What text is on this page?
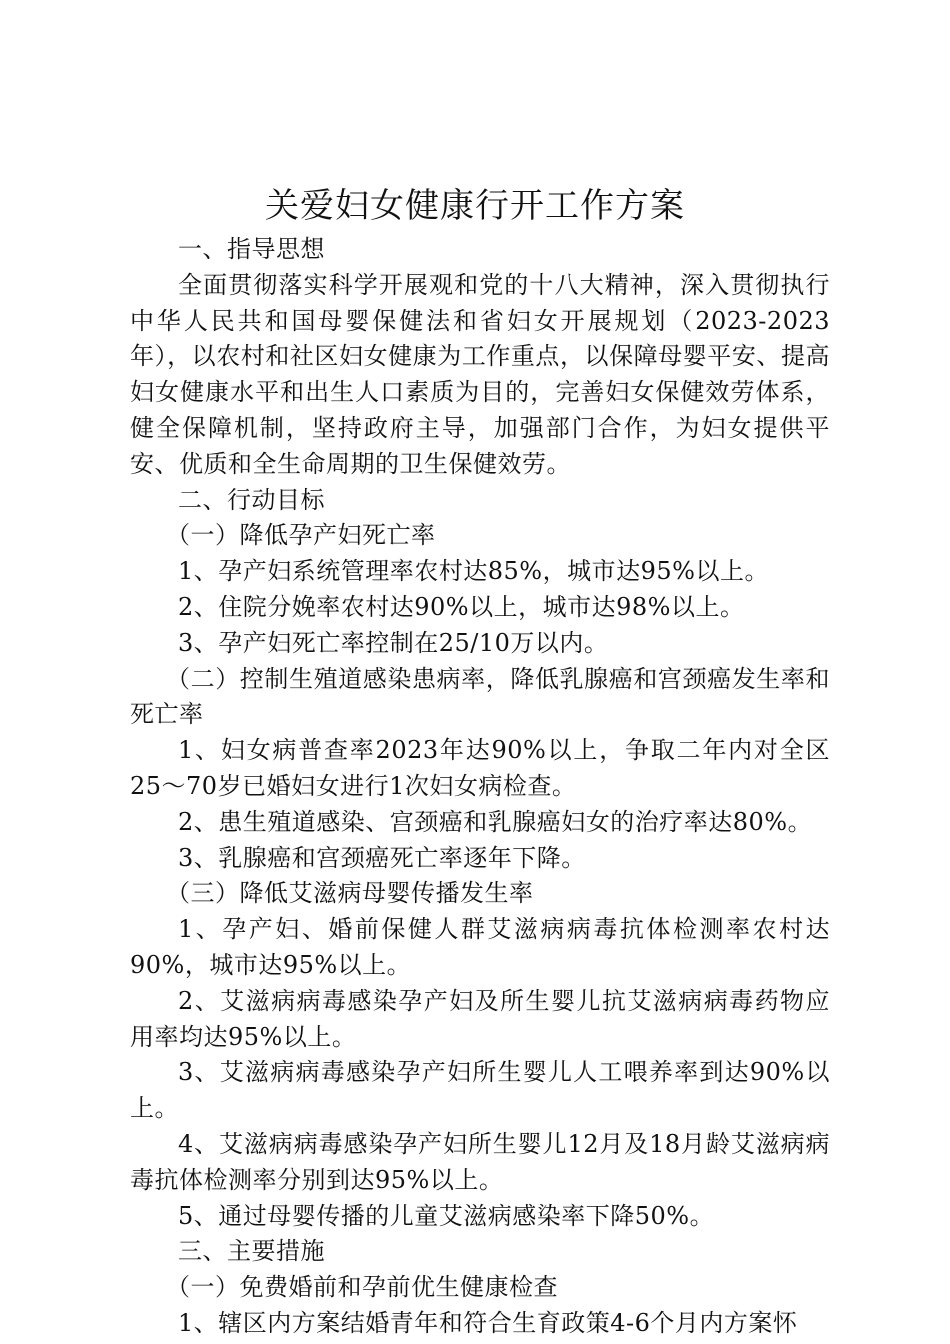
关爱妇女健康行开工作方案

一、指导思想

全面贯彻落实科学开展观和党的十八大精神，深入贯彻执行中华人民共和国母婴保健法和省妇女开展规划（2023-2023年），以农村和社区妇女健康为工作重点，以保障母婴平安、提高妇女健康水平和出生人口素质为目的，完善妇女保健效劳体系，健全保障机制，坚持政府主导，加强部门合作，为妇女提供平安、优质和全生命周期的卫生保健效劳。

二、行动目标

（一）降低孕产妇死亡率

1、孕产妇系统管理率农村达85%，城市达95%以上。

2、住院分娩率农村达90%以上，城市达98%以上。

3、孕产妇死亡率控制在25/10万以内。

（二）控制生殖道感染患病率，降低乳腺癌和宫颈癌发生率和死亡率

1、妇女病普查率2023年达90%以上，争取二年内对全区25～70岁已婚妇女进行1次妇女病检查。

2、患生殖道感染、宫颈癌和乳腺癌妇女的治疗率达80%。

3、乳腺癌和宫颈癌死亡率逐年下降。

（三）降低艾滋病母婴传播发生率

1、孕产妇、婚前保健人群艾滋病病毒抗体检测率农村达90%，城市达95%以上。

2、艾滋病病毒感染孕产妇及所生婴儿抗艾滋病病毒药物应用率均达95%以上。

3、艾滋病病毒感染孕产妇所生婴儿人工喂养率到达90%以上。

4、艾滋病病毒感染孕产妇所生婴儿12月及18月龄艾滋病病毒抗体检测率分别到达95%以上。

5、通过母婴传播的儿童艾滋病感染率下降50%。

三、主要措施

（一）免费婚前和孕前优生健康检查

1、辖区内方案结婚青年和符合生育政策4-6个月内方案怀
